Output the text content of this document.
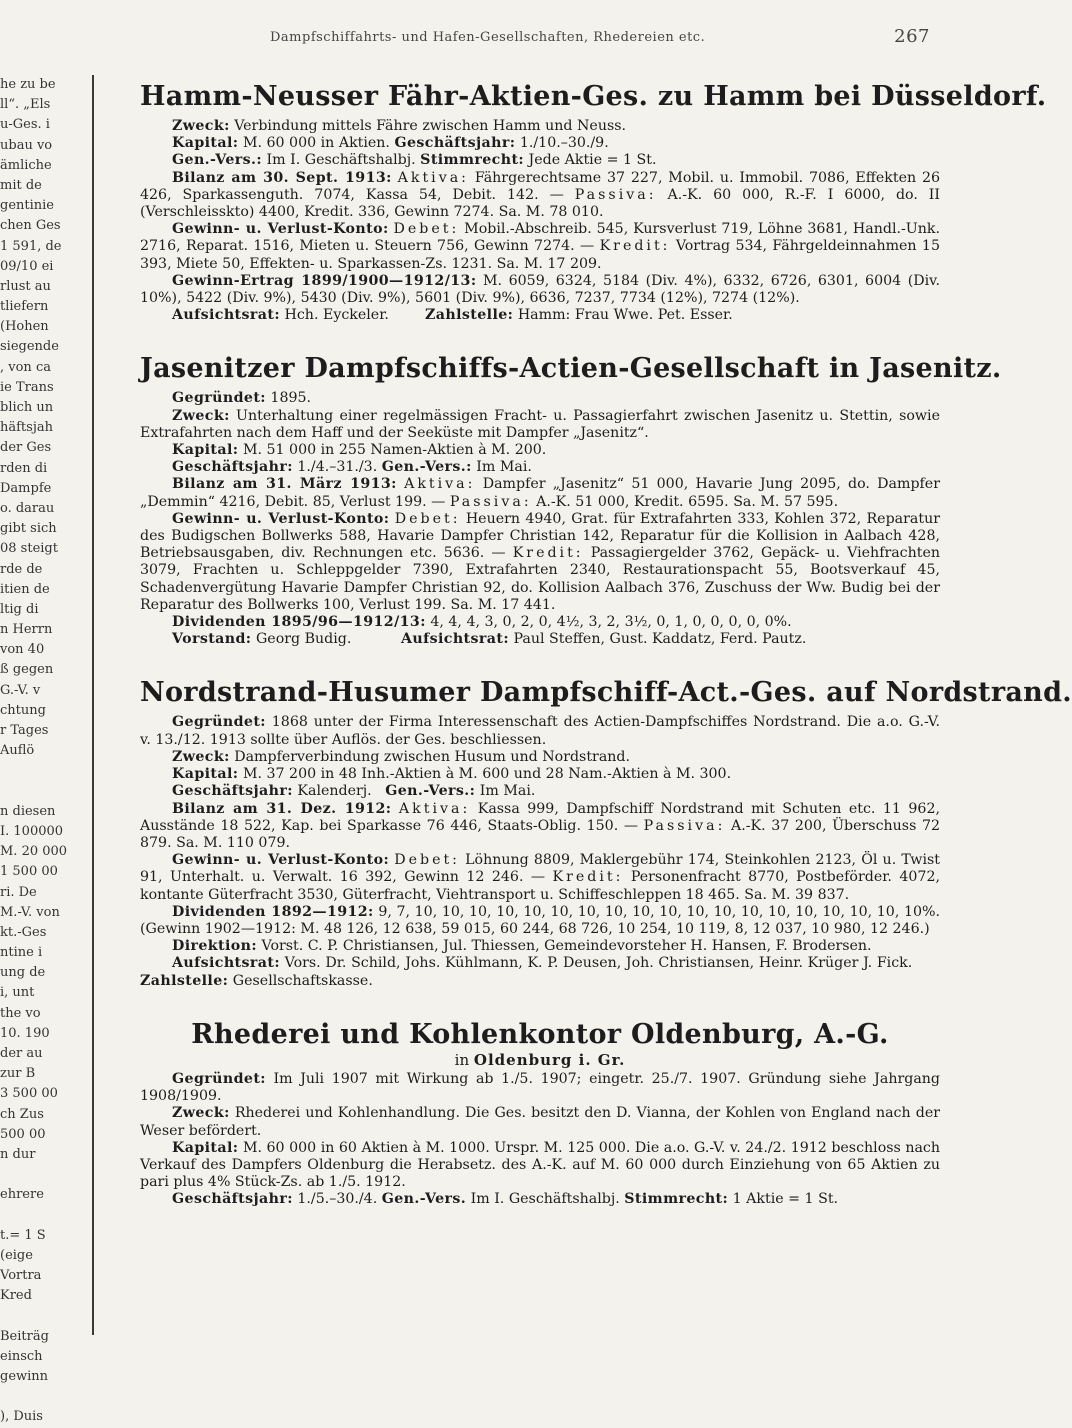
he zu be
ll“. „Els
u-Ges. i
ubau vo
ämliche
mit de
gentinie
chen Ges
1 591, de
09/10 ei
rlust au
tliefern
(Hohen
siegende
, von ca
ie Trans
blich un
häftsjah
der Ges
rden di
Dampfe
o. darau
gibt sich
08 steigt
rde de
itien de
ltig di
n Herrn
von 40
ß gegen
G.-V. v
chtung
r Tages
Auflö
n diesen
I. 100000
M. 20 000
1 500 00
ri. De
M.-V. von
kt.-Ges
ntine i
ung de
i, unt
the vo
10. 190
der au
zur B
3 500 00
ch Zus
500 00
n dur
ehrere
t.= 1 S
(eige
Vortra
Kred
Beiträg
einsch
gewinn
), Duis
Dampfschiffahrts- und Hafen-Gesellschaften, Rhedereien etc.	267
Hamm-Neusser Fähr-Aktien-Ges. zu Hamm bei Düsseldorf.

Zweck: Verbindung mittels Fähre zwischen Hamm und Neuss.

Kapital: M. 60 000 in Aktien. Geschäftsjahr: 1./10.–30./9.

Gen.-Vers.: Im I. Geschäftshalbj. Stimmrecht: Jede Aktie = 1 St.

Bilanz am 30. Sept. 1913: Aktiva: Fährgerechtsame 37 227, Mobil. u. Immobil. 7086, Effekten 26 426, Sparkassenguth. 7074, Kassa 54, Debit. 142. — Passiva: A.-K. 60 000, R.-F. I 6000, do. II (Verschleisskto) 4400, Kredit. 336, Gewinn 7274. Sa. M. 78 010.

Gewinn- u. Verlust-Konto: Debet: Mobil.-Abschreib. 545, Kursverlust 719, Löhne 3681, Handl.-Unk. 2716, Reparat. 1516, Mieten u. Steuern 756, Gewinn 7274. — Kredit: Vortrag 534, Fährgeldeinnahmen 15 393, Miete 50, Effekten- u. Sparkassen-Zs. 1231. Sa. M. 17 209.

Gewinn-Ertrag 1899/1900—1912/13: M. 6059, 6324, 5184 (Div. 4%), 6332, 6726, 6301, 6004 (Div. 10%), 5422 (Div. 9%), 5430 (Div. 9%), 5601 (Div. 9%), 6636, 7237, 7734 (12%), 7274 (12%).

Aufsichtsrat: Hch. Eyckeler.	Zahlstelle: Hamm: Frau Wwe. Pet. Esser.

Jasenitzer Dampfschiffs-Actien-Gesellschaft in Jasenitz.

Gegründet: 1895.

Zweck: Unterhaltung einer regelmässigen Fracht- u. Passagierfahrt zwischen Jasenitz u. Stettin, sowie Extrafahrten nach dem Haff und der Seeküste mit Dampfer „Jasenitz“.

Kapital: M. 51 000 in 255 Namen-Aktien à M. 200.

Geschäftsjahr: 1./4.–31./3. Gen.-Vers.: Im Mai.

Bilanz am 31. März 1913: Aktiva: Dampfer „Jasenitz“ 51 000, Havarie Jung 2095, do. Dampfer „Demmin“ 4216, Debit. 85, Verlust 199. — Passiva: A.-K. 51 000, Kredit. 6595. Sa. M. 57 595.

Gewinn- u. Verlust-Konto: Debet: Heuern 4940, Grat. für Extrafahrten 333, Kohlen 372, Reparatur des Budigschen Bollwerks 588, Havarie Dampfer Christian 142, Reparatur für die Kollision in Aalbach 428, Betriebsausgaben, div. Rechnungen etc. 5636. — Kredit: Passagiergelder 3762, Gepäck- u. Viehfrachten 3079, Frachten u. Schleppgelder 7390, Extrafahrten 2340, Restaurationspacht 55, Bootsverkauf 45, Schadenvergütung Havarie Dampfer Christian 92, do. Kollision Aalbach 376, Zuschuss der Ww. Budig bei der Reparatur des Bollwerks 100, Verlust 199. Sa. M. 17 441.

Dividenden 1895/96—1912/13: 4, 4, 4, 3, 0, 2, 0, 4½, 3, 2, 3½, 0, 1, 0, 0, 0, 0, 0%.

Vorstand: Georg Budig.	Aufsichtsrat: Paul Steffen, Gust. Kaddatz, Ferd. Pautz.

Nordstrand-Husumer Dampfschiff-Act.-Ges. auf Nordstrand.

Gegründet: 1868 unter der Firma Interessenschaft des Actien-Dampfschiffes Nordstrand. Die a.o. G.-V. v. 13./12. 1913 sollte über Auflös. der Ges. beschliessen.

Zweck: Dampferverbindung zwischen Husum und Nordstrand.

Kapital: M. 37 200 in 48 Inh.-Aktien à M. 600 und 28 Nam.-Aktien à M. 300.

Geschäftsjahr: Kalenderj. Gen.-Vers.: Im Mai.

Bilanz am 31. Dez. 1912: Aktiva: Kassa 999, Dampfschiff Nordstrand mit Schuten etc. 11 962, Ausstände 18 522, Kap. bei Sparkasse 76 446, Staats-Oblig. 150. — Passiva: A.-K. 37 200, Überschuss 72 879. Sa. M. 110 079.

Gewinn- u. Verlust-Konto: Debet: Löhnung 8809, Maklergebühr 174, Steinkohlen 2123, Öl u. Twist 91, Unterhalt. u. Verwalt. 16 392, Gewinn 12 246. — Kredit: Personenfracht 8770, Postbeförder. 4072, kontante Güterfracht 3530, Güterfracht, Viehtransport u. Schiffeschleppen 18 465. Sa. M. 39 837.

Dividenden 1892—1912: 9, 7, 10, 10, 10, 10, 10, 10, 10, 10, 10, 10, 10, 10, 10, 10, 10, 10, 10, 10, 10%. (Gewinn 1902—1912: M. 48 126, 12 638, 59 015, 60 244, 68 726, 10 254, 10 119, 8, 12 037, 10 980, 12 246.)

Direktion: Vorst. C. P. Christiansen, Jul. Thiessen, Gemeindevorsteher H. Hansen, F. Brodersen.

Aufsichtsrat: Vors. Dr. Schild, Johs. Kühlmann, K. P. Deusen, Joh. Christiansen, Heinr. Krüger J. Fick.       Zahlstelle: Gesellschaftskasse.

Rhederei und Kohlenkontor Oldenburg, A.-G.
in Oldenburg i. Gr.

Gegründet: Im Juli 1907 mit Wirkung ab 1./5. 1907; eingetr. 25./7. 1907. Gründung siehe Jahrgang 1908/1909.

Zweck: Rhederei und Kohlenhandlung. Die Ges. besitzt den D. Vianna, der Kohlen von England nach der Weser befördert.

Kapital: M. 60 000 in 60 Aktien à M. 1000. Urspr. M. 125 000. Die a.o. G.-V. v. 24./2. 1912 beschloss nach Verkauf des Dampfers Oldenburg die Herabsetz. des A.-K. auf M. 60 000 durch Einziehung von 65 Aktien zu pari plus 4% Stück-Zs. ab 1./5. 1912.

Geschäftsjahr: 1./5.–30./4. Gen.-Vers. Im I. Geschäftshalbj. Stimmrecht: 1 Aktie = 1 St.
